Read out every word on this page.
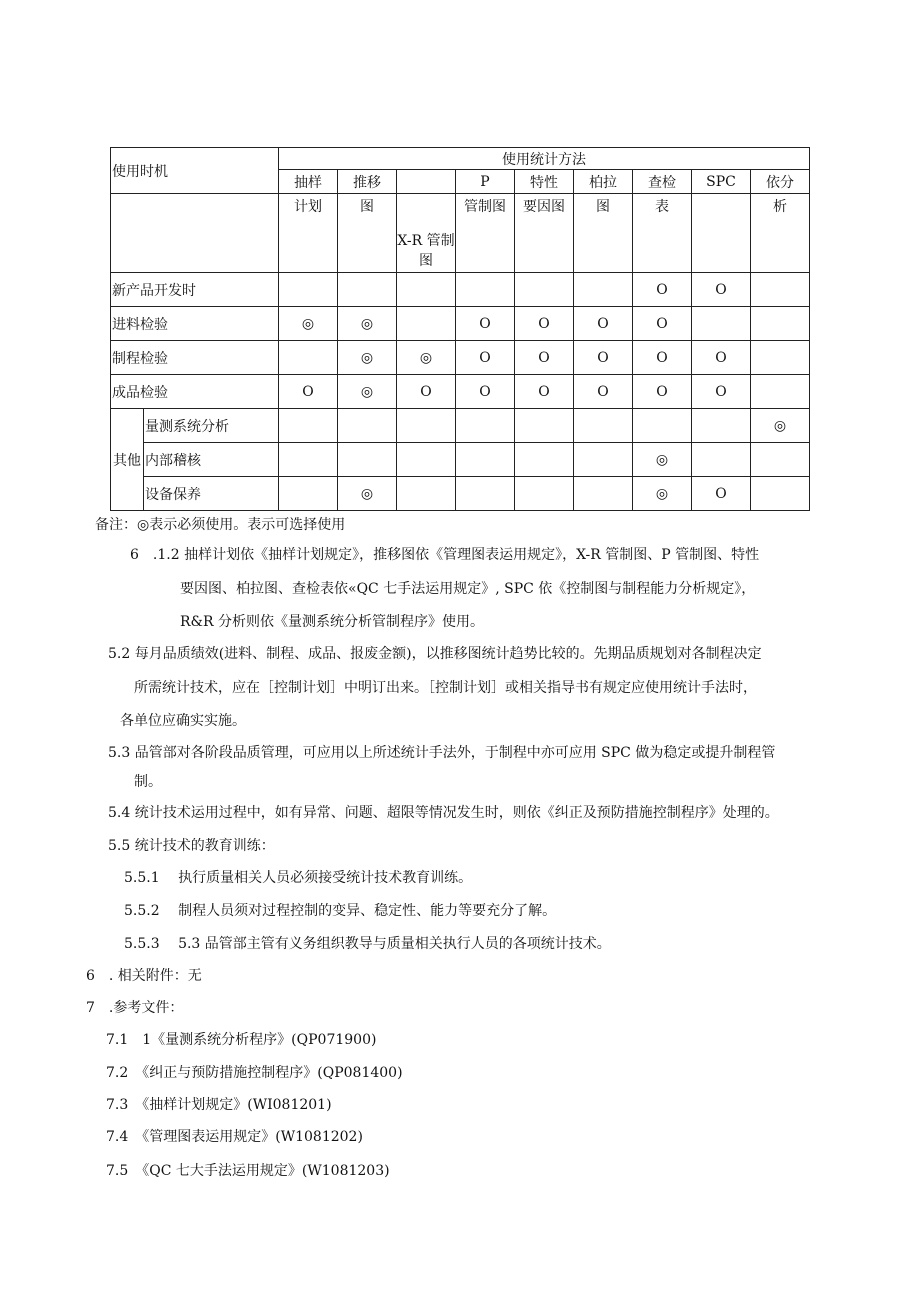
使用时机		使用统计方法								
		抽样	推移		P	特性	柏拉	查检	SPC	依分
		计划	图	X-R 管制图	管制图	要因图	图	表		析
新产品开发时								O	O	
进料检验		◎	◎		O	O	O	O		
制程检验			◎	◎	O	O	O	O	O	
成品检验		O	◎	O	O	O	O	O	O	
其他	量测系统分析									◎
	内部稽核							◎		
	设备保养		◎					◎	O	
备注：◎表示必须使用。表示可选择使用
6　.1.2 抽样计划依《抽样计划规定》，推移图依《管理图表运用规定》，X-R 管制图、P 管制图、特性
要因图、柏拉图、查检表依«QC 七手法运用规定》, SPC 依《控制图与制程能力分析规定》，
R&R 分析则依《量测系统分析管制程序》使用。
5.2 每月品质绩效(进料、制程、成品、报废金额)，以推移图统计趋势比较的。先期品质规划对各制程决定
所需统计技术，应在［控制计划］中明订出来。［控制计划］或相关指导书有规定应使用统计手法时，
各单位应确实实施。
5.3 品管部对各阶段品质管理，可应用以上所述统计手法外，于制程中亦可应用 SPC 做为稳定或提升制程管
制。
5.4 统计技术运用过程中，如有异常、问题、超限等情况发生时，则依《纠正及预防措施控制程序》处理的。
5.5 统计技术的教育训练：
5.5.1　 执行质量相关人员必须接受统计技术教育训练。
5.5.2　 制程人员须对过程控制的变异、稳定性、能力等要充分了解。
5.5.3　 5.3 品管部主管有义务组织教导与质量相关执行人员的各项统计技术。
6　. 相关附件：无
7　.参考文件：
7.1　1《量测系统分析程序》(QP071900)
7.2　《纠正与预防措施控制程序》(QP081400)
7.3　《抽样计划规定》(WI081201)
7.4　《管理图表运用规定》(W1081202)
7.5　《QC 七大手法运用规定》(W1081203)
